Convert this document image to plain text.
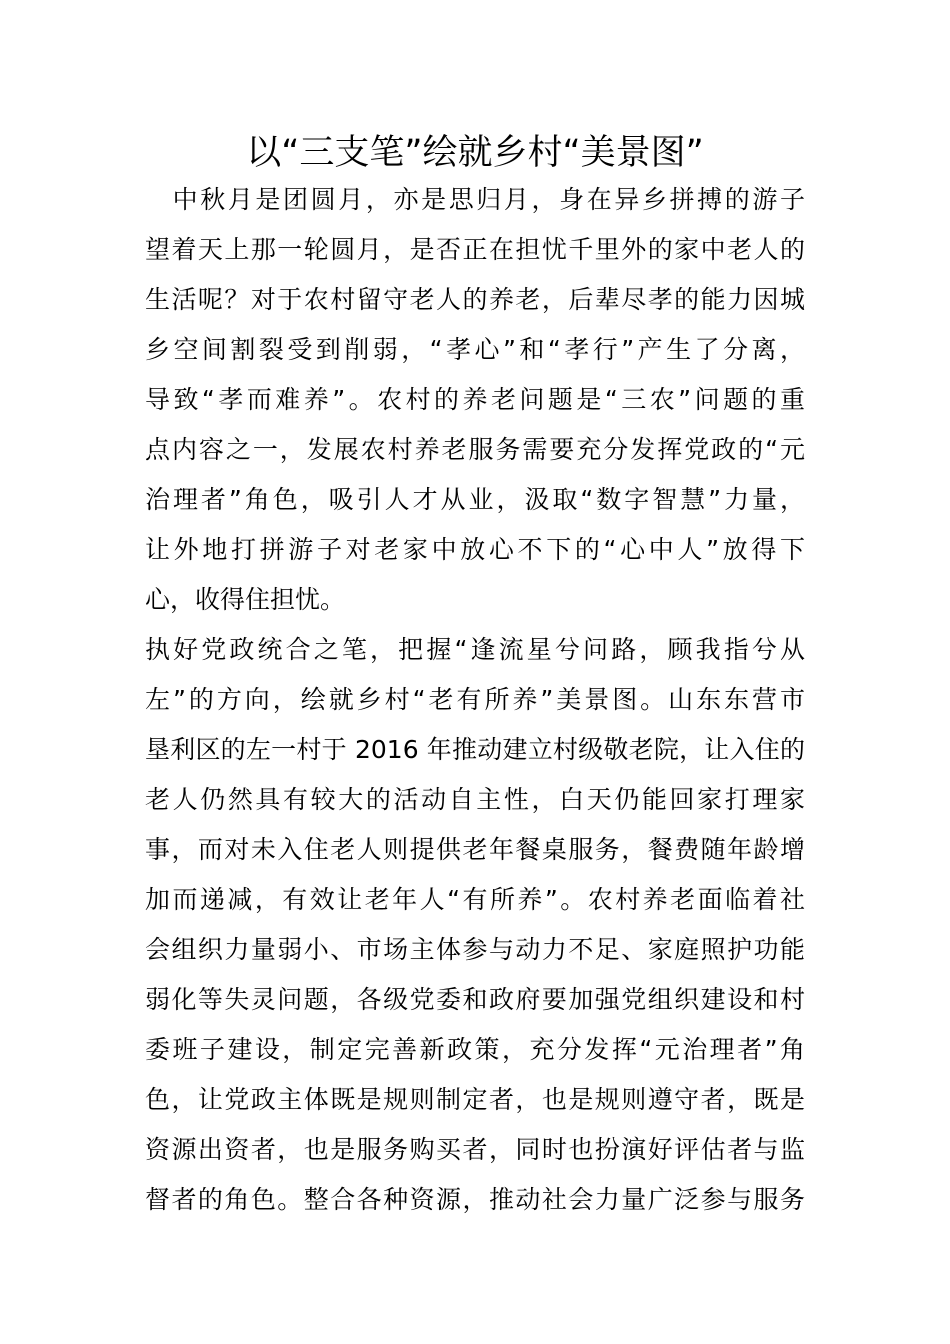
以“三支笔”绘就乡村“美景图”

　中秋月是团圆月，亦是思归月，身在异乡拼搏的游子

望着天上那一轮圆月，是否正在担忧千里外的家中老人的

生活呢？对于农村留守老人的养老，后辈尽孝的能力因城

乡空间割裂受到削弱，“孝心”和“孝行”产生了分离，

导致“孝而难养”。农村的养老问题是“三农”问题的重

点内容之一，发展农村养老服务需要充分发挥党政的“元

治理者”角色，吸引人才从业，汲取“数字智慧”力量，

让外地打拼游子对老家中放心不下的“心中人”放得下

心，收得住担忧。

执好党政统合之笔，把握“逢流星兮问路，顾我指兮从

左”的方向，绘就乡村“老有所养”美景图。山东东营市

垦利区的左一村于 2016 年推动建立村级敬老院，让入住的

老人仍然具有较大的活动自主性，白天仍能回家打理家

事，而对未入住老人则提供老年餐桌服务，餐费随年龄增

加而递减，有效让老年人“有所养”。农村养老面临着社

会组织力量弱小、市场主体参与动力不足、家庭照护功能

弱化等失灵问题，各级党委和政府要加强党组织建设和村

委班子建设，制定完善新政策，充分发挥“元治理者”角

色，让党政主体既是规则制定者，也是规则遵守者，既是

资源出资者，也是服务购买者，同时也扮演好评估者与监

督者的角色。整合各种资源，推动社会力量广泛参与服务
